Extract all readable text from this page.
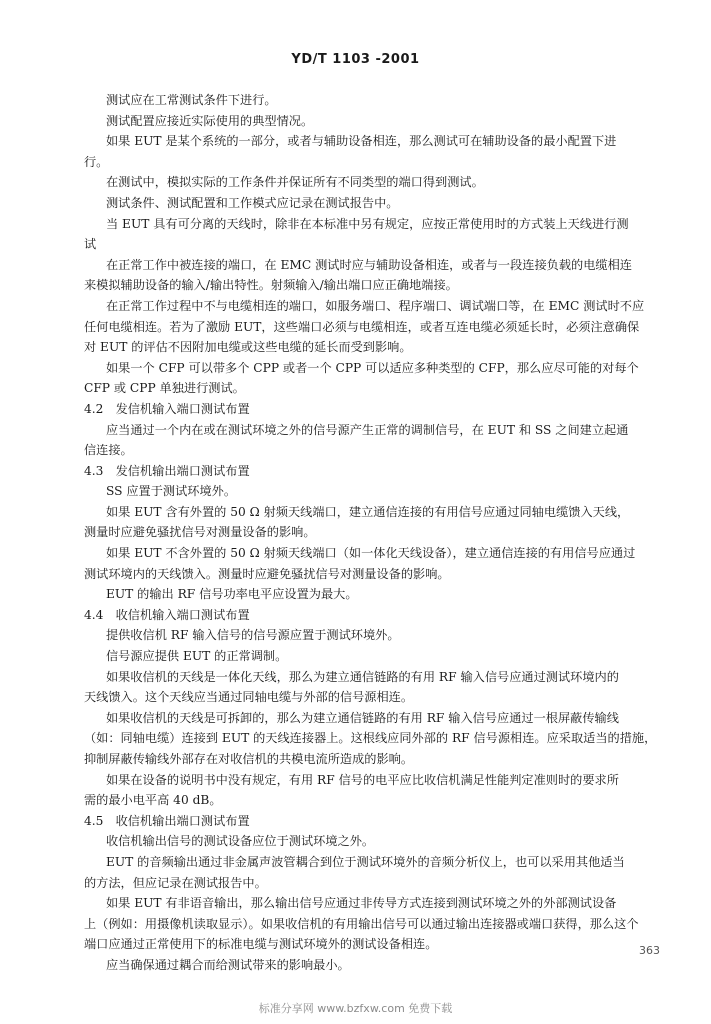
YD/T 1103 -2001
测试应在工常测试条件下进行。
测试配置应接近实际使用的典型情况。
如果 EUT 是某个系统的一部分，或者与辅助设备相连，那么测试可在辅助设备的最小配置下进
行。
在测试中，模拟实际的工作条件并保证所有不同类型的端口得到测试。
测试条件、测试配置和工作模式应记录在测试报告中。
当 EUT 具有可分离的天线时，除非在本标准中另有规定，应按正常使用时的方式装上天线进行测
试
在正常工作中被连接的端口，在 EMC 测试时应与辅助设备相连，或者与一段连接负载的电缆相连
来模拟辅助设备的输入/输出特性。射频输入/输出端口应正确地端接。
在正常工作过程中不与电缆相连的端口，如服务端口、程序端口、调试端口等，在 EMC 测试时不应
任何电缆相连。若为了激励 EUT，这些端口必须与电缆相连，或者互连电缆必须延长时，必须注意确保
对 EUT 的评估不因附加电缆或这些电缆的延长而受到影响。
如果一个 CFP 可以带多个 CPP 或者一个 CPP 可以适应多种类型的 CFP，那么应尽可能的对每个
CFP 或 CPP 单独进行测试。
4.2　发信机输入端口测试布置
应当通过一个内在或在测试环境之外的信号源产生正常的调制信号，在 EUT 和 SS 之间建立起通
信连接。
4.3　发信机输出端口测试布置
SS 应置于测试环境外。
如果 EUT 含有外置的 50 Ω 射频天线端口，建立通信连接的有用信号应通过同轴电缆馈入天线，
测量时应避免骚扰信号对测量设备的影响。
如果 EUT 不含外置的 50 Ω 射频天线端口（如一体化天线设备），建立通信连接的有用信号应通过
测试环境内的天线馈入。测量时应避免骚扰信号对测量设备的影响。
EUT 的输出 RF 信号功率电平应设置为最大。
4.4　收信机输入端口测试布置
提供收信机 RF 输入信号的信号源应置于测试环境外。
信号源应提供 EUT 的正常调制。
如果收信机的天线是一体化天线，那么为建立通信链路的有用 RF 输入信号应通过测试环境内的
天线馈入。这个天线应当通过同轴电缆与外部的信号源相连。
如果收信机的天线是可拆卸的，那么为建立通信链路的有用 RF 输入信号应通过一根屏蔽传输线
（如：同轴电缆）连接到 EUT 的天线连接器上。这根线应同外部的 RF 信号源相连。应采取适当的措施，
抑制屏蔽传输线外部存在对收信机的共模电流所造成的影响。
如果在设备的说明书中没有规定，有用 RF 信号的电平应比收信机满足性能判定准则时的要求所
需的最小电平高 40 dB。
4.5　收信机输出端口测试布置
收信机输出信号的测试设备应位于测试环境之外。
EUT 的音频输出通过非金属声波管耦合到位于测试环境外的音频分析仪上，也可以采用其他适当
的方法，但应记录在测试报告中。
如果 EUT 有非语音输出，那么输出信号应通过非传导方式连接到测试环境之外的外部测试设备
上（例如：用摄像机读取显示）。如果收信机的有用输出信号可以通过输出连接器或端口获得，那么这个
端口应通过正常使用下的标准电缆与测试环境外的测试设备相连。
应当确保通过耦合而给测试带来的影响最小。
363
标准分享网 www.bzfxw.com 免费下载
